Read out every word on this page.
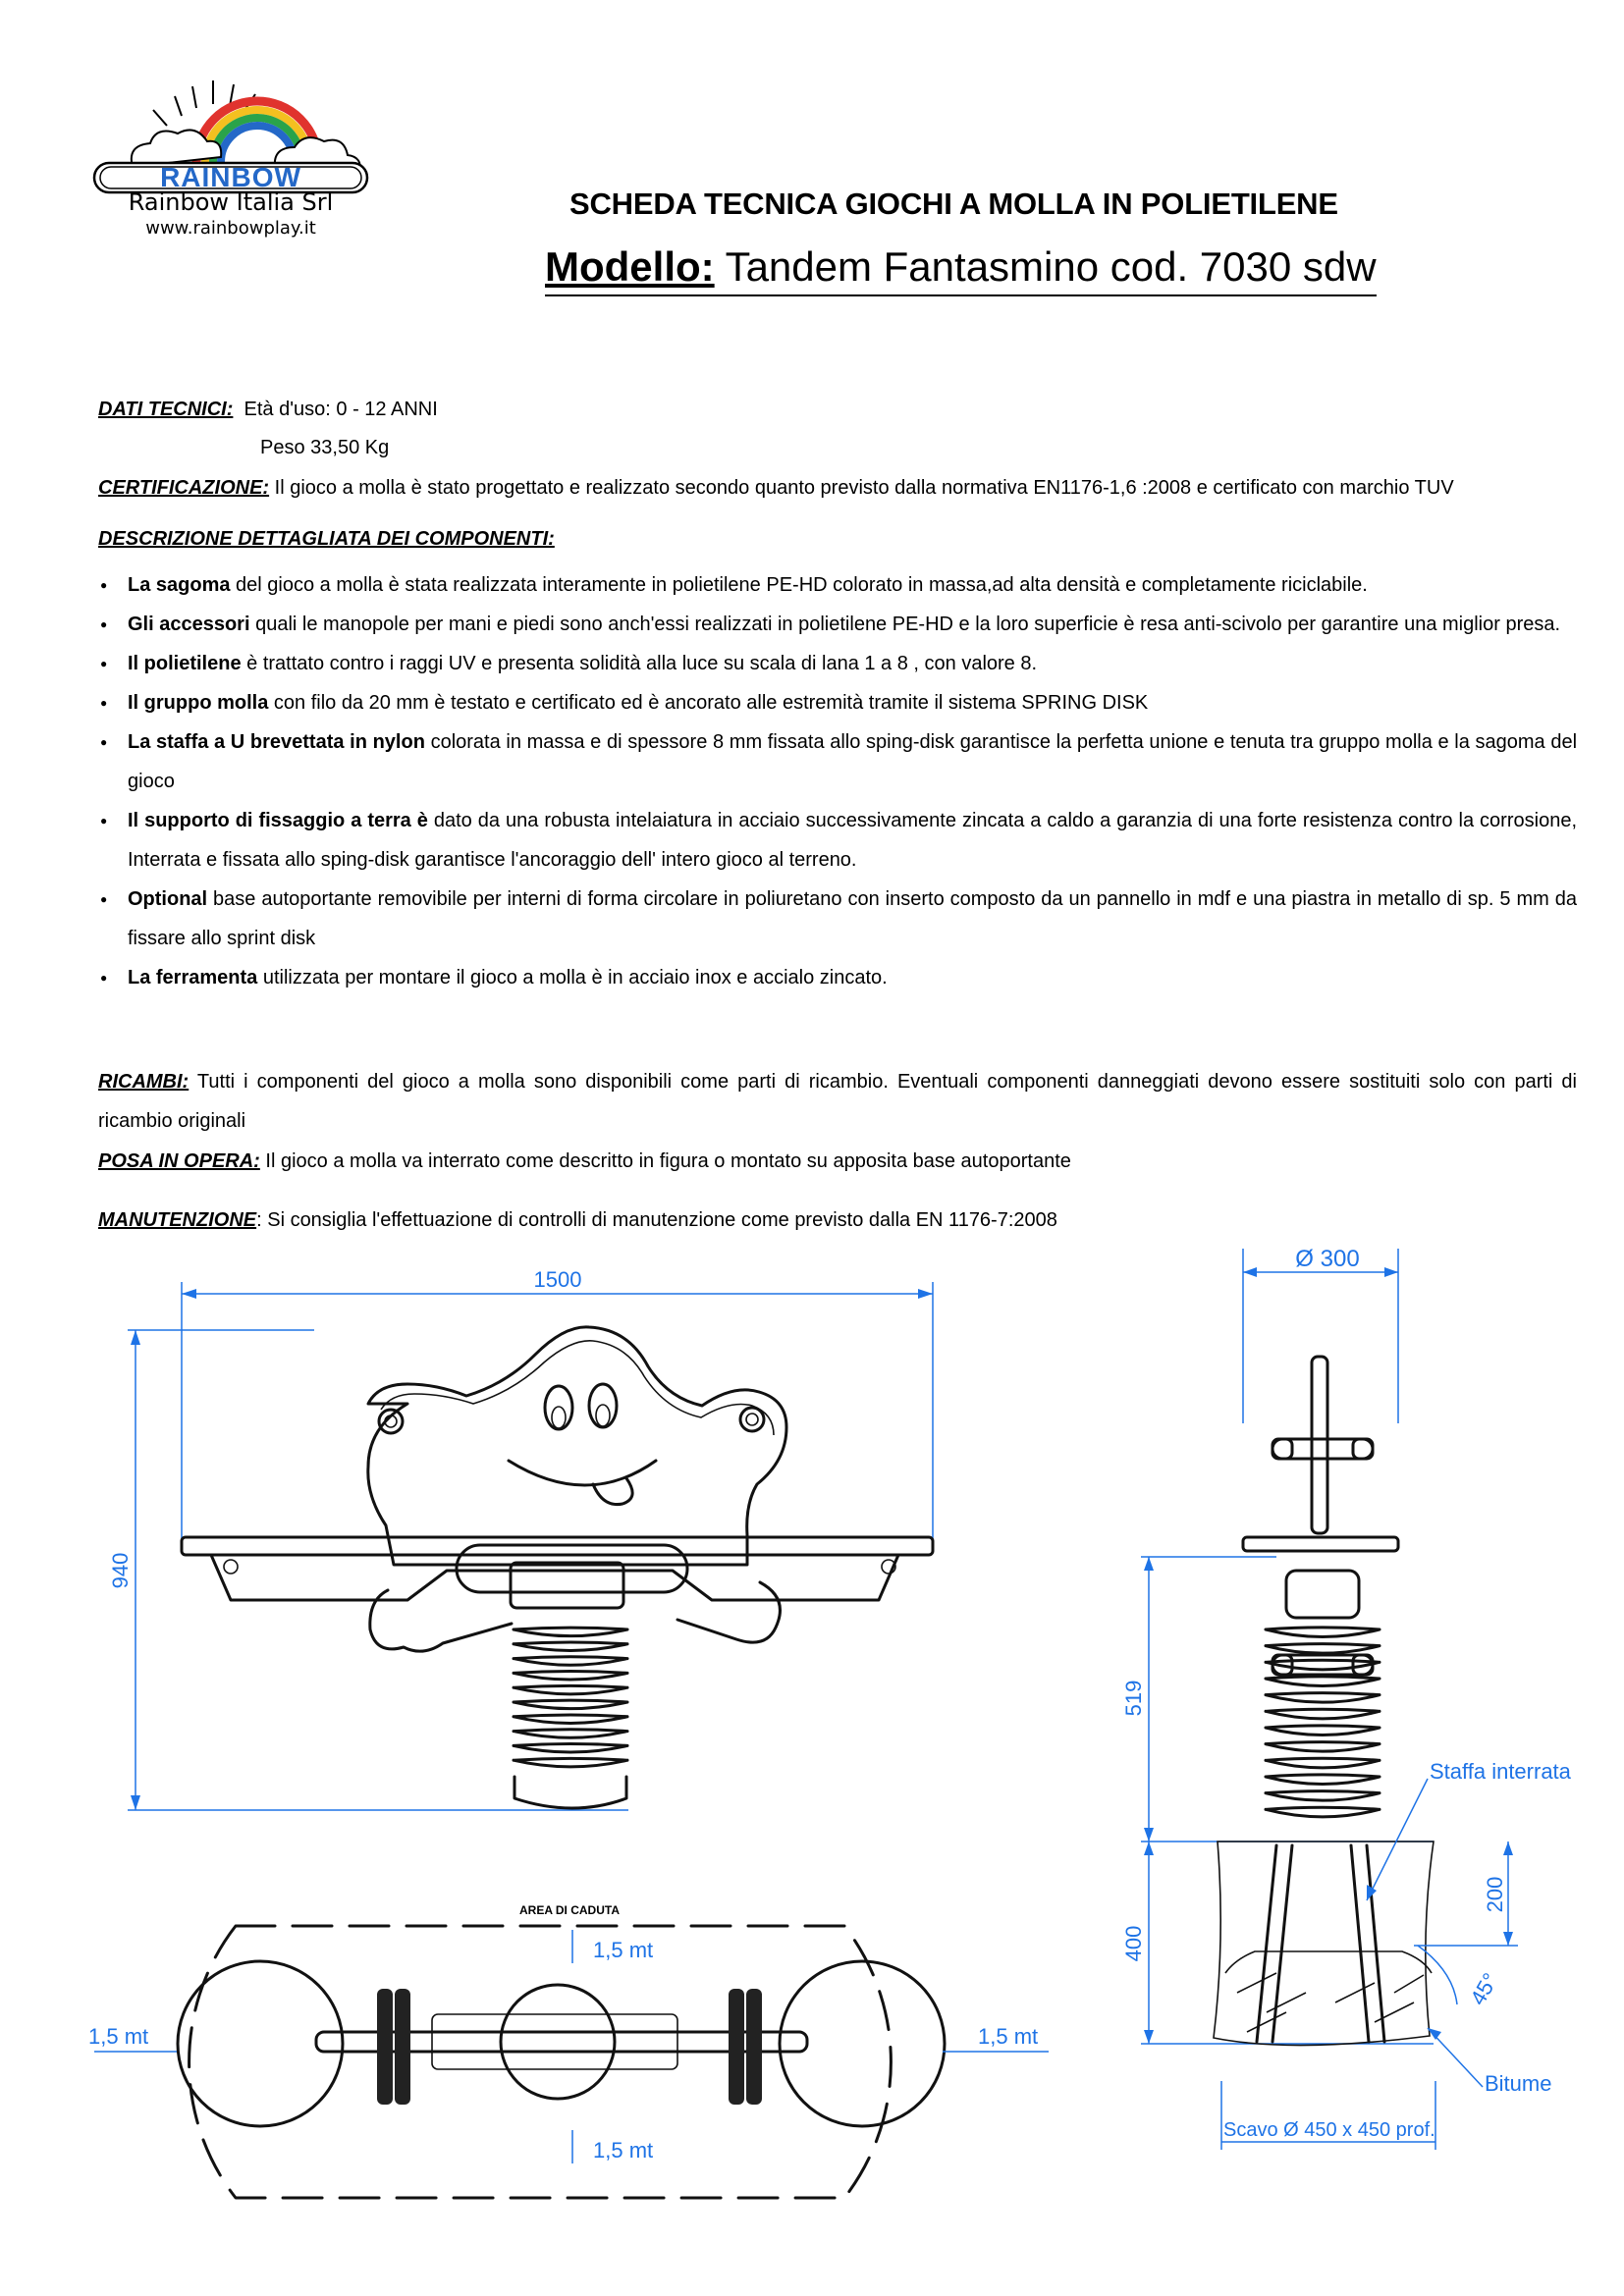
RAINBOW
Rainbow Italia Srl
www.rainbowplay.it
SCHEDA TECNICA GIOCHI A MOLLA IN POLIETILENE
Modello: Tandem Fantasmino cod. 7030 sdw
DATI TECNICI: Età d'uso: 0 - 12 ANNI
Peso 33,50 Kg
CERTIFICAZIONE: Il gioco a molla è stato progettato e realizzato secondo quanto previsto dalla normativa EN1176-1,6 :2008 e certificato con marchio TUV
DESCRIZIONE DETTAGLIATA DEI COMPONENTI:
● La sagoma del gioco a molla è stata realizzata interamente in polietilene PE-HD colorato in massa,ad alta densità e completamente riciclabile.
● Gli accessori quali le manopole per mani e piedi sono anch'essi realizzati in polietilene PE-HD e la loro superficie è resa anti-scivolo per garantire una miglior presa.
● Il polietilene è trattato contro i raggi UV e presenta solidità alla luce su scala di lana 1 a 8 , con valore 8.
● Il gruppo molla con filo da 20 mm è testato e certificato ed è ancorato alle estremità tramite il sistema SPRING DISK
● La staffa a U brevettata in nylon colorata in massa e di spessore 8 mm fissata allo sping-disk garantisce la perfetta unione e tenuta tra gruppo molla e la sagoma del gioco
● Il supporto di fissaggio a terra è dato da una robusta intelaiatura in acciaio successivamente zincata a caldo a garanzia di una forte resistenza contro la corrosione, Interrata e fissata allo sping-disk garantisce l'ancoraggio dell' intero gioco al terreno.
● Optional base autoportante removibile per interni di forma circolare in poliuretano con inserto composto da un pannello in mdf e una piastra in metallo di sp. 5 mm da fissare allo sprint disk
● La ferramenta utilizzata per montare il gioco a molla è in acciaio inox e accialo zincato.
RICAMBI: Tutti i componenti del gioco a molla sono disponibili come parti di ricambio. Eventuali componenti danneggiati devono essere sostituiti solo con parti di ricambio originali
POSA IN OPERA: Il gioco a molla va interrato come descritto in figura o montato su apposita base autoportante
MANUTENZIONE: Si consiglia l'effettuazione di controlli di manutenzione come previsto dalla EN 1176-7:2008
1500
940
Ø 300
519
400
200
45°
Staffa interrata
Bitume
Scavo Ø 450 x 450 prof.
AREA DI CADUTA
1,5 mt
1,5 mt
1,5 mt	1,5 mt
